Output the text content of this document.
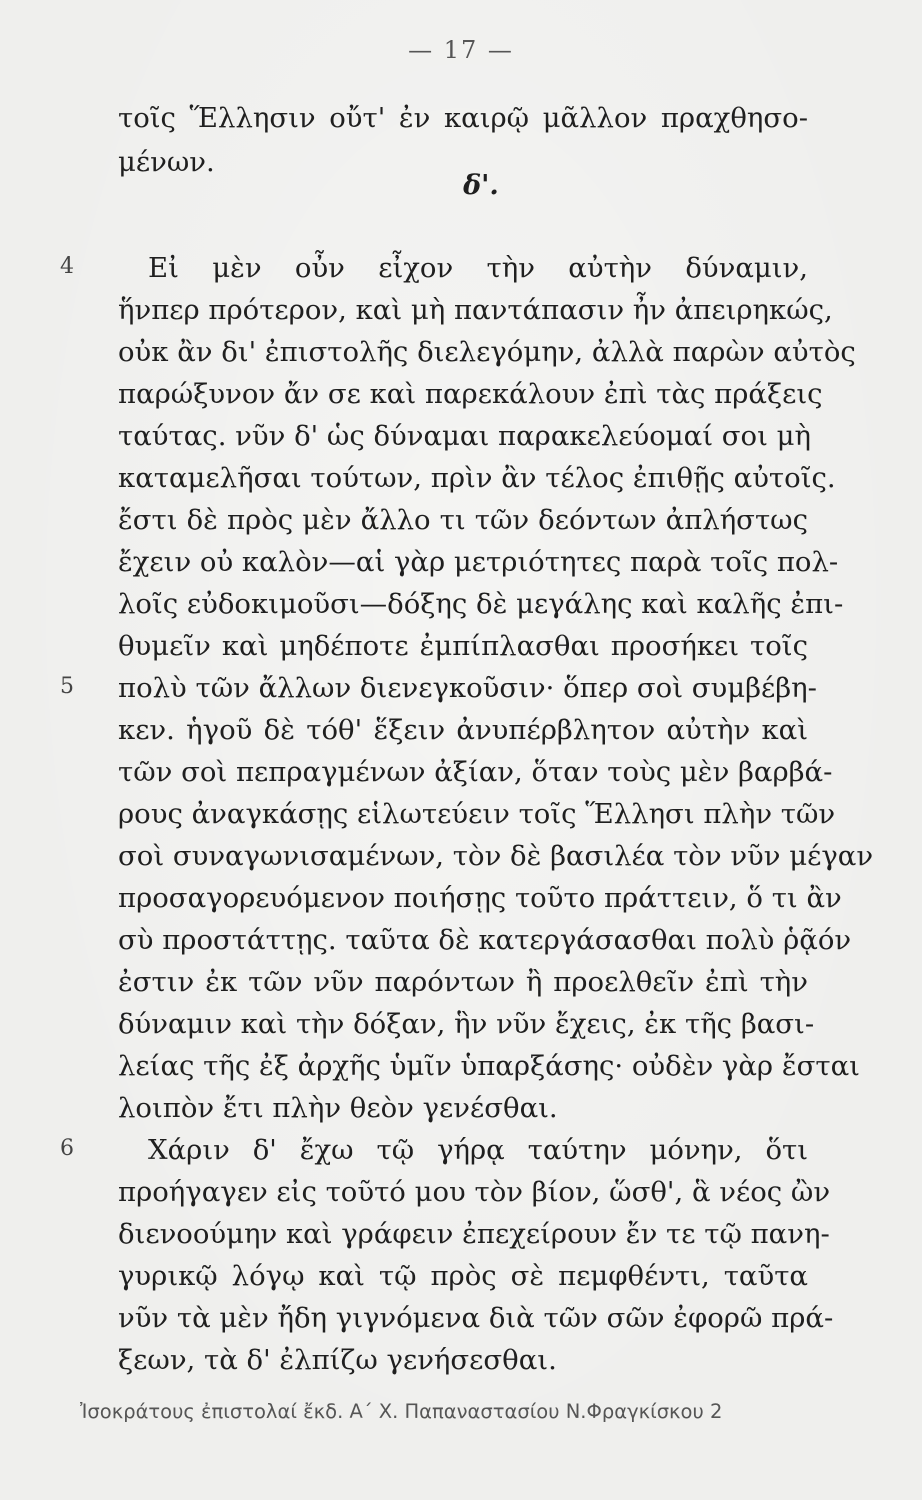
— 17 —
τοῖς Ἕλλησιν οὔτ' ἐν καιρῷ μᾶλλον πραχθησο-
μένων.
δ'.
4	Εἰ μὲν οὖν εἶχον τὴν αὐτὴν δύναμιν,
ἥνπερ πρότερον, καὶ μὴ παντάπασιν ἦν ἀπειρηκώς,
οὐκ ἂν δι' ἐπιστολῆς διελεγόμην, ἀλλὰ παρὼν αὐτὸς
παρώξυνον ἄν σε καὶ παρεκάλουν ἐπὶ τὰς πράξεις
ταύτας. νῦν δ' ὡς δύναμαι παρακελεύομαί σοι μὴ
καταμελῆσαι τούτων, πρὶν ἂν τέλος ἐπιθῇς αὐτοῖς.
ἔστι δὲ πρὸς μὲν ἄλλο τι τῶν δεόντων ἀπλήστως
ἔχειν οὐ καλὸν—αἱ γὰρ μετριότητες παρὰ τοῖς πολ-
λοῖς εὐδοκιμοῦσι—δόξης δὲ μεγάλης καὶ καλῆς ἐπι-
θυμεῖν καὶ μηδέποτε ἐμπίπλασθαι προσήκει τοῖς
5 πολὺ τῶν ἄλλων διενεγκοῦσιν· ὅπερ σοὶ συμβέβη-
κεν. ἡγοῦ δὲ τόθ' ἕξειν ἀνυπέρβλητον αὐτὴν καὶ
τῶν σοὶ πεπραγμένων ἀξίαν, ὅταν τοὺς μὲν βαρβά-
ρους ἀναγκάσῃς εἱλωτεύειν τοῖς Ἕλλησι πλὴν τῶν
σοὶ συναγωνισαμένων, τὸν δὲ βασιλέα τὸν νῦν μέγαν
προσαγορευόμενον ποιήσῃς τοῦτο πράττειν, ὅ τι ἂν
σὺ προστάττῃς. ταῦτα δὲ κατεργάσασθαι πολὺ ῥᾷόν
ἐστιν ἐκ τῶν νῦν παρόντων ἢ προελθεῖν ἐπὶ τὴν
δύναμιν καὶ τὴν δόξαν, ἣν νῦν ἔχεις, ἐκ τῆς βασι-
λείας τῆς ἐξ ἀρχῆς ὑμῖν ὑπαρξάσης· οὐδὲν γὰρ ἔσται
λοιπὸν ἔτι πλὴν θεὸν γενέσθαι.
6	Χάριν δ' ἔχω τῷ γήρᾳ ταύτην μόνην, ὅτι
προήγαγεν εἰς τοῦτό μου τὸν βίον, ὥσθ', ἃ νέος ὢν
διενοούμην καὶ γράφειν ἐπεχείρουν ἔν τε τῷ πανη-
γυρικῷ λόγῳ καὶ τῷ πρὸς σὲ πεμφθέντι, ταῦτα
νῦν τὰ μὲν ἤδη γιγνόμενα διὰ τῶν σῶν ἐφορῶ πρά-
ξεων, τὰ δ' ἐλπίζω γενήσεσθαι.
Ἰσοκράτους ἐπιστολαί ἔκδ. Α΄ Χ. Παπαναστασίου Ν.Φραγκίσκου 2
